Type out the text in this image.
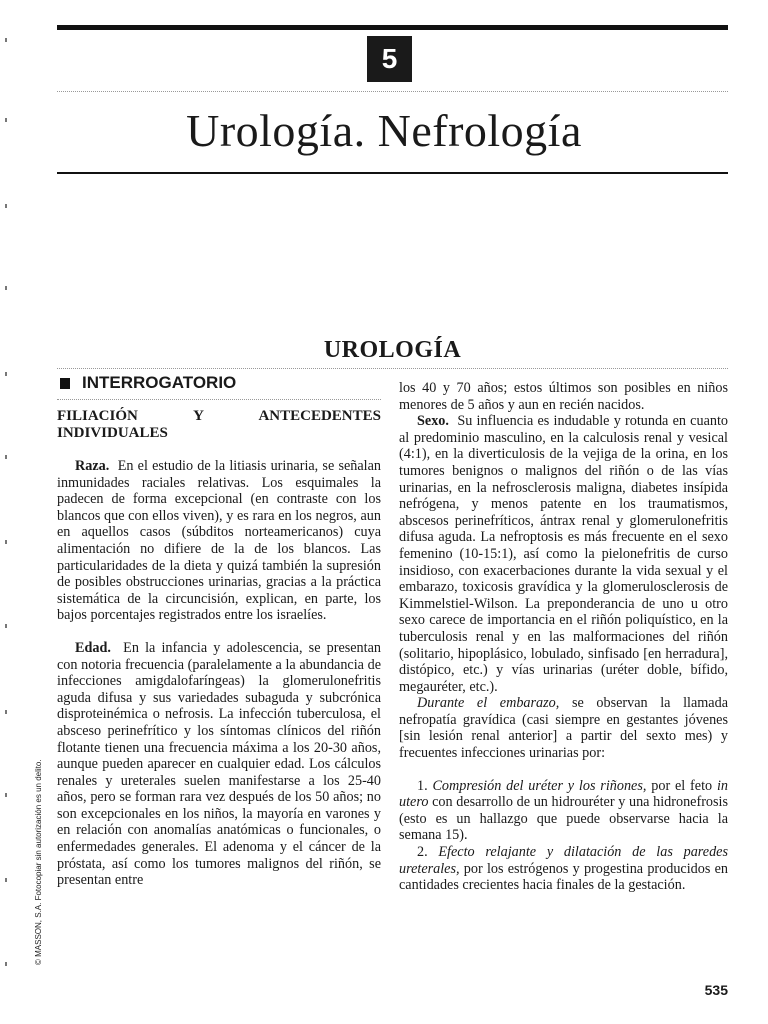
5
Urología. Nefrología
UROLOGÍA
INTERROGATORIO
FILIACIÓN Y ANTECEDENTES INDIVIDUALES

Raza. En el estudio de la litiasis urinaria, se señalan inmunidades raciales relativas. Los esquimales la padecen de forma excepcional (en contraste con los blancos que con ellos viven), y es rara en los negros, aun en aquellos casos (súbditos norteamericanos) cuya alimentación no difiere de la de los blancos. Las particularidades de la dieta y quizá también la supresión de posibles obstrucciones urinarias, gracias a la práctica sistemática de la circuncisión, explican, en parte, los bajos porcentajes registrados entre los israelíes.

Edad. En la infancia y adolescencia, se presentan con notoria frecuencia (paralelamente a la abundancia de infecciones amigdalofaríngeas) la glomerulonefritis aguda difusa y sus variedades subaguda y subcrónica disproteinémica o nefrosis. La infección tuberculosa, el absceso perinefrítico y los síntomas clínicos del riñón flotante tienen una frecuencia máxima a los 20-30 años, aunque pueden aparecer en cualquier edad. Los cálculos renales y ureterales suelen manifestarse a los 25-40 años, pero se forman rara vez después de los 50 años; no son excepcionales en los niños, la mayoría en varones y en relación con anomalías anatómicas o funcionales, o enfermedades generales. El adenoma y el cáncer de la próstata, así como los tumores malignos del riñón, se presentan entre

los 40 y 70 años; estos últimos son posibles en niños menores de 5 años y aun en recién nacidos.

Sexo. Su influencia es indudable y rotunda en cuanto al predominio masculino, en la calculosis renal y vesical (4:1), en la diverticulosis de la vejiga de la orina, en los tumores benignos o malignos del riñón o de las vías urinarias, en la nefrosclerosis maligna, diabetes insípida nefrógena, y menos patente en los traumatismos, abscesos perinefríticos, ántrax renal y glomerulonefritis difusa aguda. La nefroptosis es más frecuente en el sexo femenino (10-15:1), así como la pielonefritis de curso insidioso, con exacerbaciones durante la vida sexual y el embarazo, toxicosis gravídica y la glomerulosclerosis de Kimmelstiel-Wilson. La preponderancia de uno u otro sexo carece de importancia en el riñón poliquístico, en la tuberculosis renal y en las malformaciones del riñón (solitario, hipoplásico, lobulado, sinfisado [en herradura], distópico, etc.) y vías urinarias (uréter doble, bífido, megauréter, etc.).

Durante el embarazo, se observan la llamada nefropatía gravídica (casi siempre en gestantes jóvenes [sin lesión renal anterior] a partir del sexto mes) y frecuentes infecciones urinarias por:

1. Compresión del uréter y los riñones, por el feto in utero con desarrollo de un hidrouréter y una hidronefrosis (esto es un hallazgo que puede observarse hacia la semana 15).

2. Efecto relajante y dilatación de las paredes ureterales, por los estrógenos y progestina producidos en cantidades crecientes hacia finales de la gestación.

535
© MASSON, S.A. Fotocopiar sin autorización es un delito.
